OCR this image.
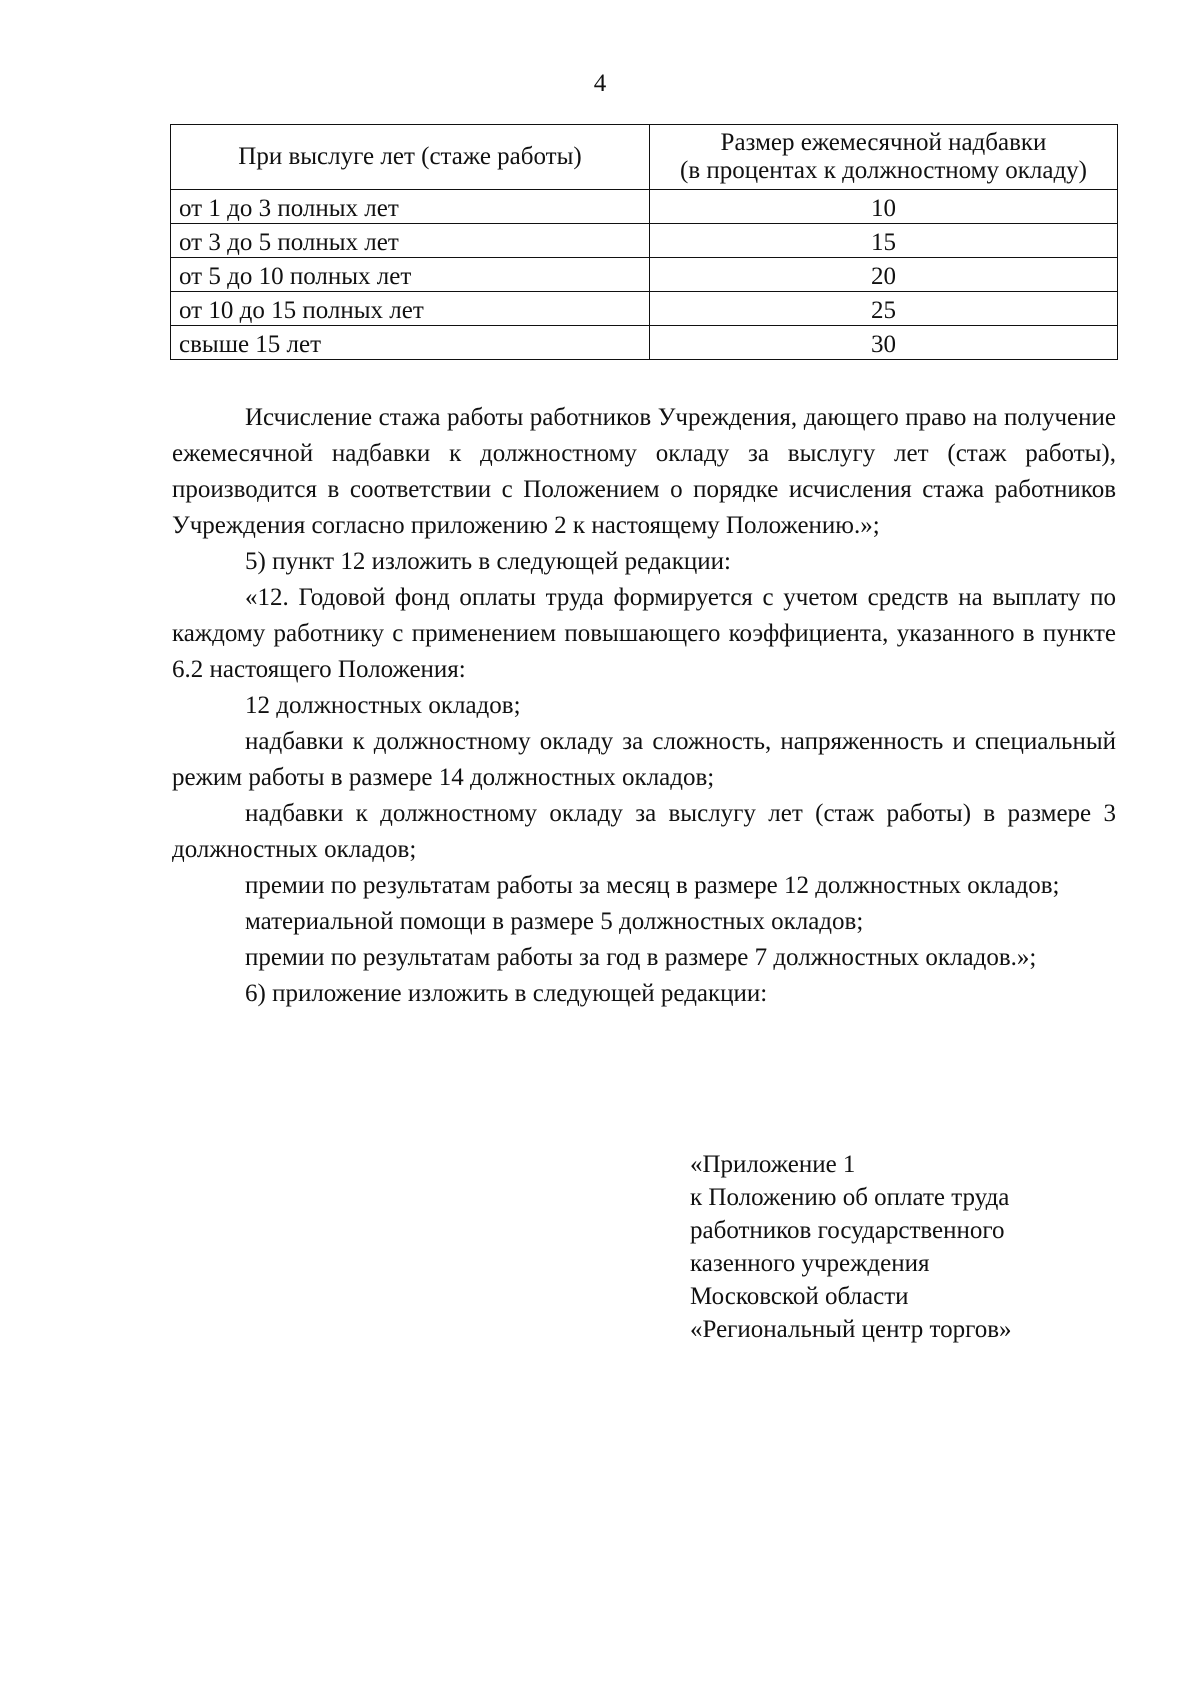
4
При выслуге лет (стаже работы)	Размер ежемесячной надбавки
(в процентах к должностному окладу)
от 1 до 3 полных лет	10
от 3 до 5 полных лет	15
от 5 до 10 полных лет	20
от 10 до 15 полных лет	25
свыше 15 лет	30

Исчисление стажа работы работников Учреждения, дающего право на получение ежемесячной надбавки к должностному окладу за выслугу лет (стаж работы), производится в соответствии с Положением о порядке исчисления стажа работников Учреждения согласно приложению 2 к настоящему Положению.»;

5) пункт 12 изложить в следующей редакции:

«12. Годовой фонд оплаты труда формируется с учетом средств на выплату по каждому работнику с применением повышающего коэффициента, указанного в пункте 6.2 настоящего Положения:

12 должностных окладов;

надбавки к должностному окладу за сложность, напряженность и специальный режим работы в размере 14 должностных окладов;

надбавки к должностному окладу за выслугу лет (стаж работы) в размере 3 должностных окладов;

премии по результатам работы за месяц в размере 12 должностных окладов;

материальной помощи в размере 5 должностных окладов;

премии по результатам работы за год в размере 7 должностных окладов.»;

6) приложение изложить в следующей редакции:

«Приложение 1
к Положению об оплате труда
работников государственного
казенного учреждения
Московской области
«Региональный центр торгов»
